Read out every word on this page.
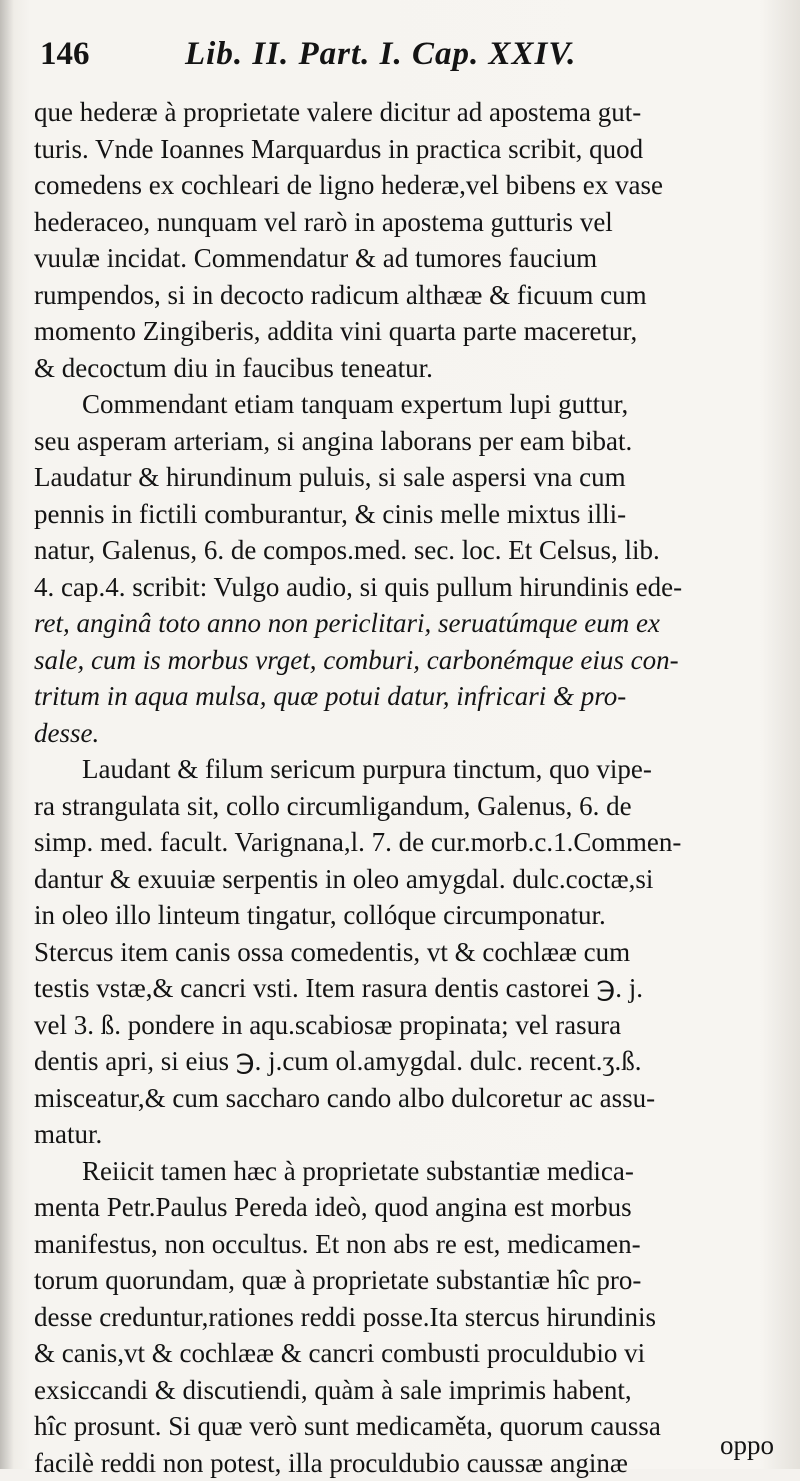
146	Lib. II. Part. I. Cap. XXIV.
que hederæ à proprietate valere dicitur ad apostema gut-
turis. Vnde Ioannes Marquardus in practica scribit, quod
comedens ex cochleari de ligno hederæ,vel bibens ex vase
hederaceo, nunquam vel rarò in apostema gutturis vel
vuulæ incidat. Commendatur & ad tumores faucium
rumpendos, si in decocto radicum althææ & ficuum cum
momento Zingiberis, addita vini quarta parte maceretur,
& decoctum diu in faucibus teneatur.
Commendant etiam tanquam expertum lupi guttur,
seu asperam arteriam, si angina laborans per eam bibat.
Laudatur & hirundinum puluis, si sale aspersi vna cum
pennis in fictili comburantur, & cinis melle mixtus illi-
natur, Galenus, 6. de compos.med. sec. loc. Et Celsus, lib.
4. cap.4. scribit: Vulgo audio, si quis pullum hirundinis ede-
ret, anginâ toto anno non periclitari, seruatúmque eum ex
sale, cum is morbus vrget, comburi, carbonémque eius con-
tritum in aqua mulsa, quæ potui datur, infricari & pro-
desse.
Laudant & filum sericum purpura tinctum, quo vipe-
ra strangulata sit, collo circumligandum, Galenus, 6. de
simp. med. facult. Varignana,l. 7. de cur.morb.c.1.Commen-
dantur & exuuiæ serpentis in oleo amygdal. dulc.coctæ,si
in oleo illo linteum tingatur, collóque circumponatur.
Stercus item canis ossa comedentis, vt & cochlææ cum
testis vstæ,& cancri vsti. Item rasura dentis castorei ℈. j.
vel 3. ß. pondere in aqu.scabiosæ propinata; vel rasura
dentis apri, si eius ℈. j.cum ol.amygdal. dulc. recent.ʒ.ß.
misceatur,& cum saccharo cando albo dulcoretur ac assu-
matur.
Reiicit tamen hæc à proprietate substantiæ medica-
menta Petr.Paulus Pereda ideò, quod angina est morbus
manifestus, non occultus. Et non abs re est, medicamen-
torum quorundam, quæ à proprietate substantiæ hîc pro-
desse creduntur,rationes reddi posse.Ita stercus hirundinis
& canis,vt & cochlææ & cancri combusti proculdubio vi
exsiccandi & discutiendi, quàm à sale imprimis habent,
hîc prosunt. Si quæ verò sunt medicaměta, quorum caussa
facilè reddi non potest, illa proculdubio caussæ anginæ
oppo
